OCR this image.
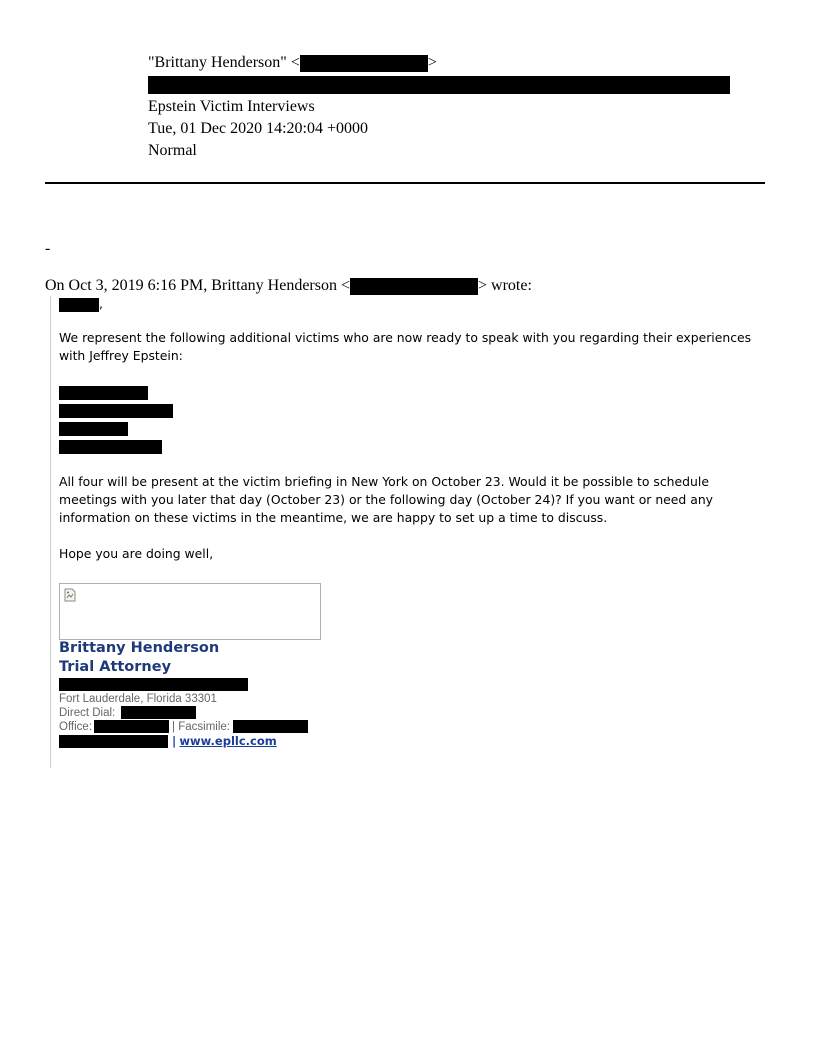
"Brittany Henderson" <	>
Epstein Victim Interviews
Tue, 01 Dec 2020 14:20:04 +0000
Normal
-
On Oct 3, 2019 6:16 PM, Brittany Henderson <	> wrote:
,
We represent the following additional victims who are now ready to speak with you regarding their experiences with Jeffrey Epstein:
All four will be present at the victim briefing in New York on October 23. Would it be possible to schedule meetings with you later that day (October 23) or the following day (October 24)? If you want or need any information on these victims in the meantime, we are happy to set up a time to discuss.
Hope you are doing well,
Brittany Henderson
Trial Attorney
Fort Lauderdale, Florida 33301
Direct Dial:
Office:	| Facsimile:
| www.epllc.com
